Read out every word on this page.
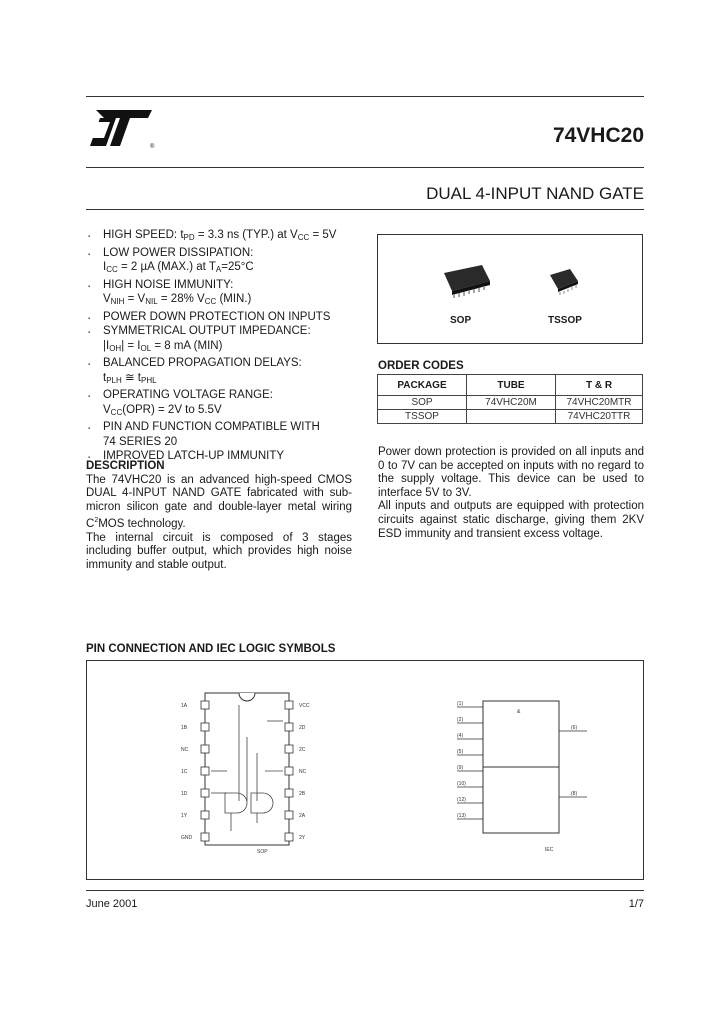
®	74VHC20
DUAL 4-INPUT NAND GATE
▪ HIGH SPEED: $t_{PD} = 3.3$ ns (TYP.) at $V_{CC} = 5V$
▪ LOW POWER DISSIPATION:
$I_{CC} = 2$ µA (MAX.) at $T_A=25^\circ C$
▪ HIGH NOISE IMMUNITY:
$V_{NIH} = V_{NIL} = 28\%$ $V_{CC}$ (MIN.)
▪ POWER DOWN PROTECTION ON INPUTS
▪ SYMMETRICAL OUTPUT IMPEDANCE:
$|I_{OH}| = I_{OL} = 8$ mA (MIN)
▪ BALANCED PROPAGATION DELAYS:
$t_{PLH}$ ≅ $t_{PHL}$
▪ OPERATING VOLTAGE RANGE:
$V_{CC}(OPR) = 2V$ to 5.5V
▪ PIN AND FUNCTION COMPATIBLE WITH
74 SERIES 20
▪ IMPROVED LATCH-UP IMMUNITY
DESCRIPTION
The 74VHC20 is an advanced high-speed CMOS DUAL 4-INPUT NAND GATE fabricated with sub-micron silicon gate and double-layer metal wiring $C^2MOS$ technology.
The internal circuit is composed of 3 stages including buffer output, which provides high noise immunity and stable output.
SOP	TSSOP
ORDER CODES
PACKAGE	TUBE	T & R
SOP	74VHC20M	74VHC20MTR
TSSOP		74VHC20TTR
Power down protection is provided on all inputs and 0 to 7V can be accepted on inputs with no regard to the supply voltage. This device can be used to interface 5V to 3V.
All inputs and outputs are equipped with protection circuits against static discharge, giving them 2KV ESD immunity and transient excess voltage.
PIN CONNECTION AND IEC LOGIC SYMBOLS
SOP
1A
1B
NC
1C
1D
1Y
GND
VCC
2D
2C
NC
2B
2A
2Y
&
(1)
(2)
(4)
(5)
(9)
(10)
(12)
(13)
(6)
(8)
IEC
June 2001	1/7
